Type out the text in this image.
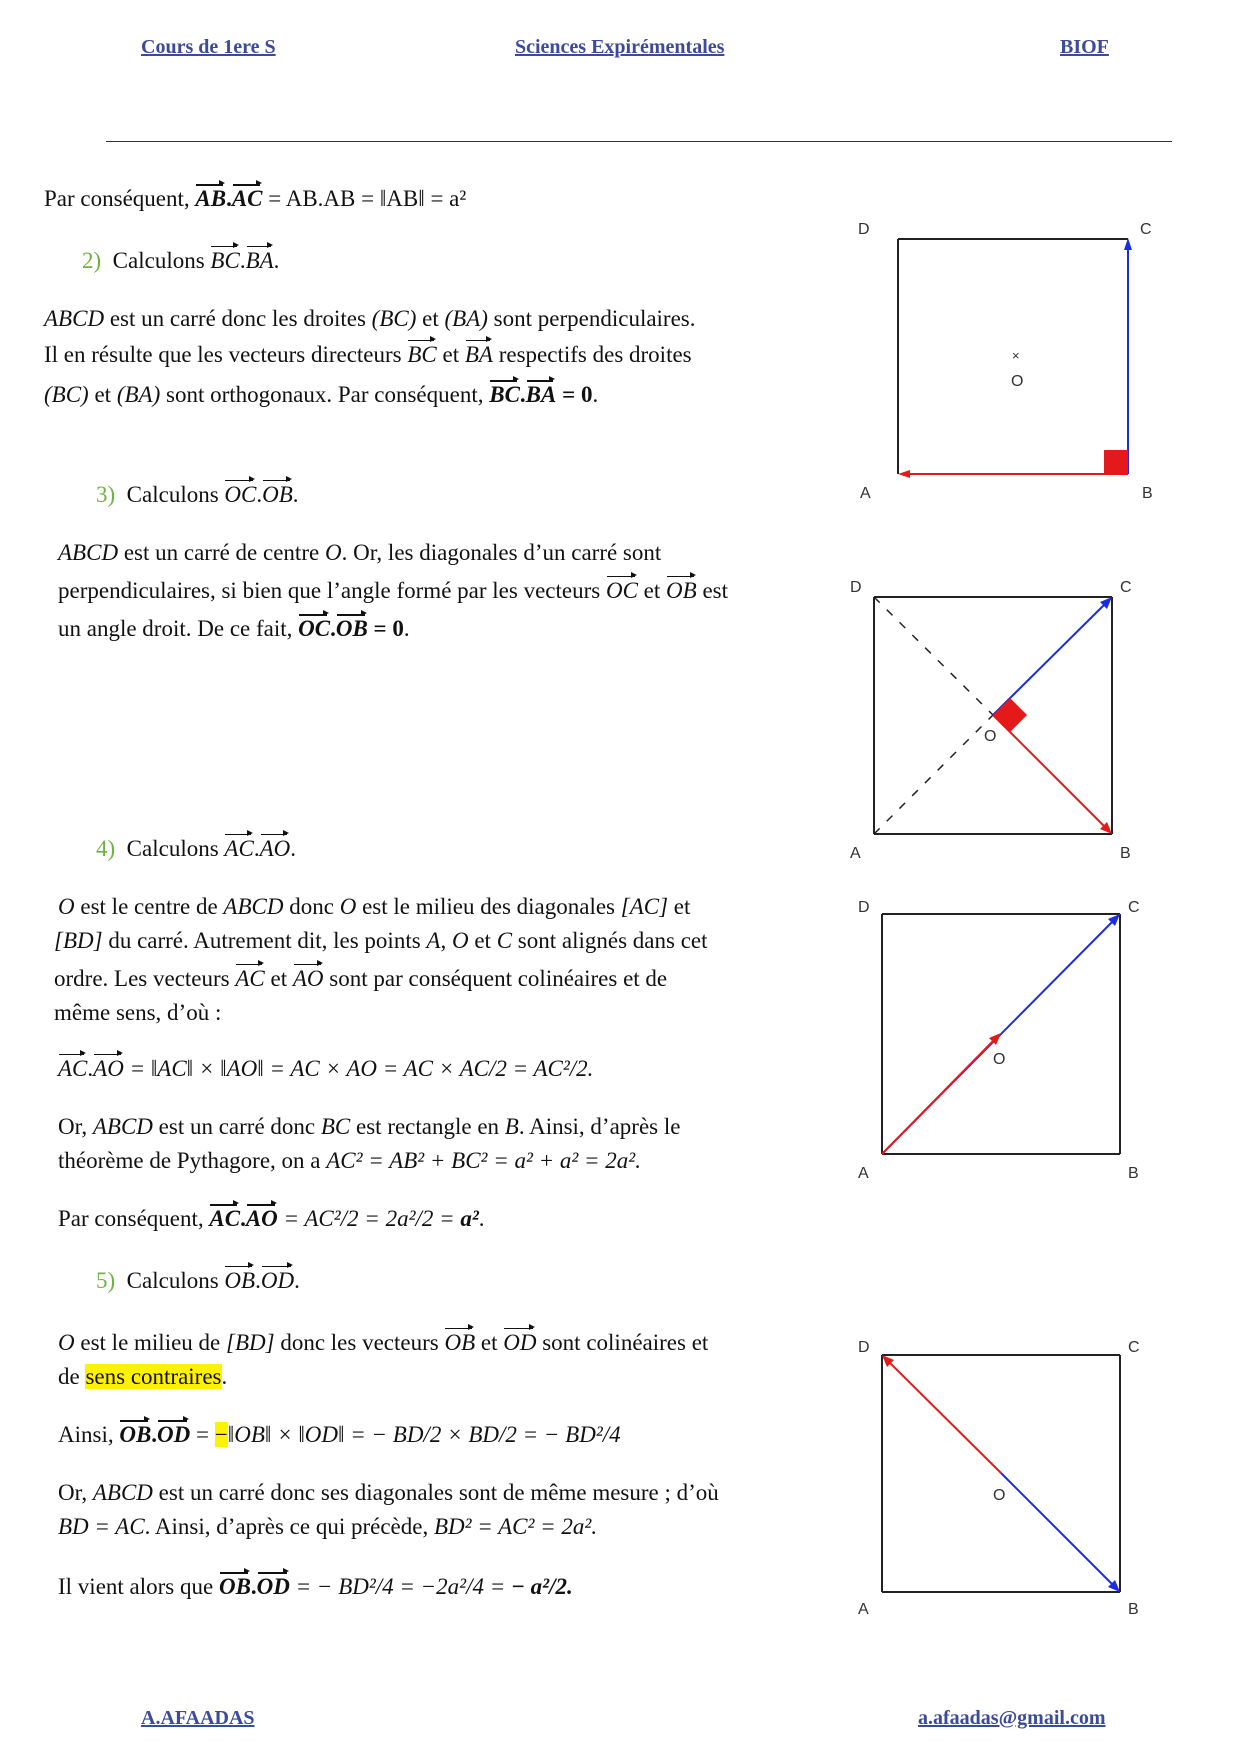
Cours de 1ere S	Sciences Expirémentales	BIOF
Par conséquent, AB.AC = AB.AB = ‖AB‖ = a²
2) Calculons BC.BA.
ABCD est un carré donc les droites (BC) et (BA) sont perpendiculaires.
Il en résulte que les vecteurs directeurs BC et BA respectifs des droites
(BC) et (BA) sont orthogonaux. Par conséquent, BC.BA = 0.
D	C
A	B
×
O
3) Calculons OC.OB.
ABCD est un carré de centre O. Or, les diagonales d’un carré sont
perpendiculaires, si bien que l’angle formé par les vecteurs OC et OB est
un angle droit. De ce fait, OC.OB = 0.
D	C
A	B
O
4) Calculons AC.AO.
O est le centre de ABCD donc O est le milieu des diagonales [AC] et
[BD] du carré. Autrement dit, les points A, O et C sont alignés dans cet
ordre. Les vecteurs AC et AO sont par conséquent colinéaires et de
même sens, d’où :
AC.AO = ‖AC‖ × ‖AO‖ = AC × AO = AC × AC/2 = AC²/2.
Or, ABCD est un carré donc BC est rectangle en B. Ainsi, d’après le
théorème de Pythagore, on a AC² = AB² + BC² = a² + a² = 2a².
Par conséquent, AC.AO = AC²/2 = 2a²/2 = a².
D	C
A	B
O
5) Calculons OB.OD.
O est le milieu de [BD] donc les vecteurs OB et OD sont colinéaires et
de sens contraires.
Ainsi, OB.OD = −‖OB‖ × ‖OD‖ = − BD/2 × BD/2 = − BD²/4
Or, ABCD est un carré donc ses diagonales sont de même mesure ; d’où
BD = AC. Ainsi, d’après ce qui précède, BD² = AC² = 2a².
Il vient alors que OB.OD = − BD²/4 = −2a²/4 = − a²/2.
D	C
A	B
O
A.AFAADAS	a.afaadas@gmail.com
